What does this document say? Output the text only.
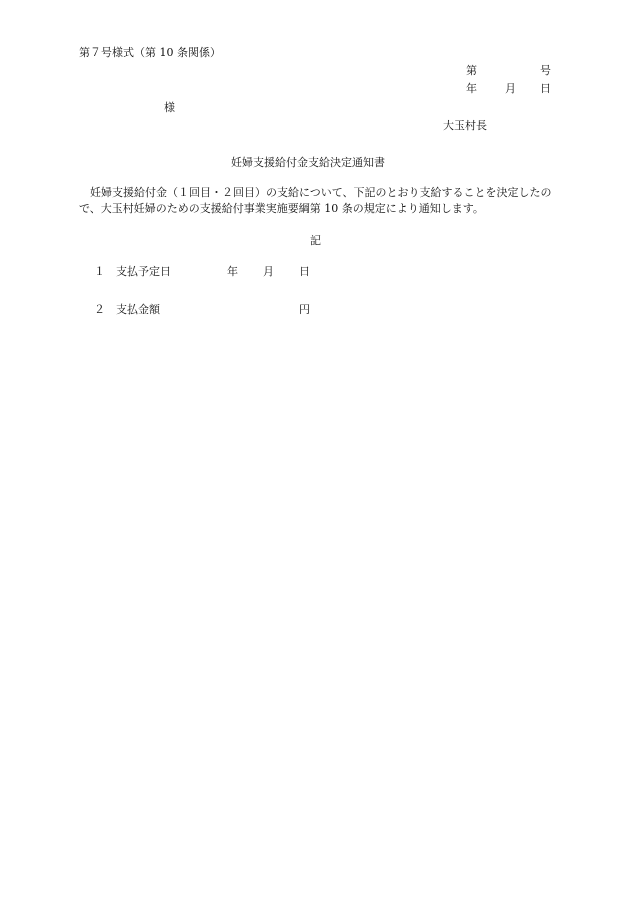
第７号様式（第 10 条関係）
第	号
年	月 日
様
大玉村長
妊婦支援給付金支給決定通知書
妊婦支援給付金（１回目・２回目）の支給について、下記のとおり支給することを決定したので、大玉村妊婦のための支援給付事業実施要綱第 10 条の規定により通知します。
記
１ 支払予定日	年 月 日
２ 支払金額	円
